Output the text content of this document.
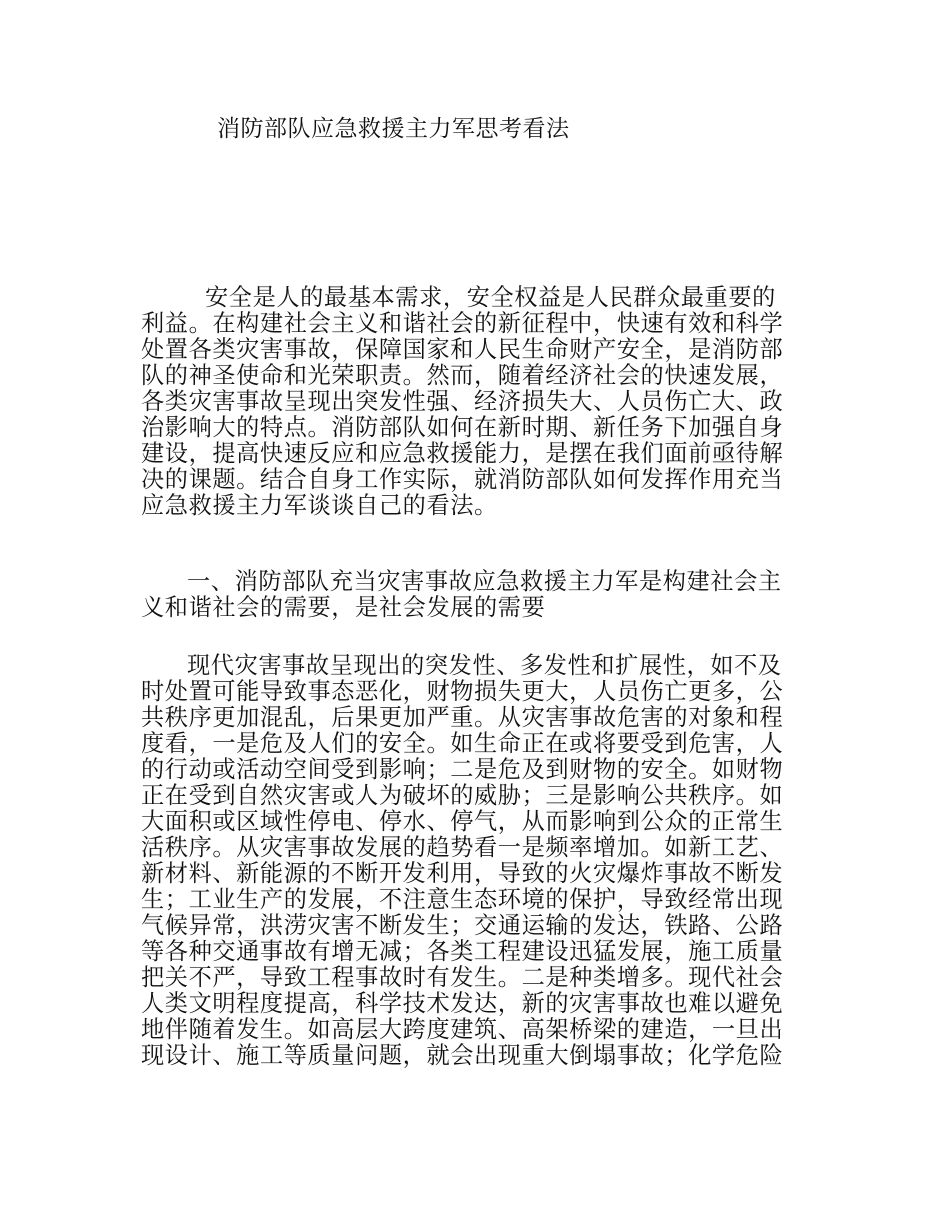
消防部队应急救援主力军思考看法
安全是人的最基本需求，安全权益是人民群众最重要的
利益。在构建社会主义和谐社会的新征程中，快速有效和科学
处置各类灾害事故，保障国家和人民生命财产安全，是消防部
队的神圣使命和光荣职责。然而，随着经济社会的快速发展，
各类灾害事故呈现出突发性强、经济损失大、人员伤亡大、政
治影响大的特点。消防部队如何在新时期、新任务下加强自身
建设，提高快速反应和应急救援能力，是摆在我们面前亟待解
决的课题。结合自身工作实际，就消防部队如何发挥作用充当
应急救援主力军谈谈自己的看法。
一、消防部队充当灾害事故应急救援主力军是构建社会主
义和谐社会的需要，是社会发展的需要
现代灾害事故呈现出的突发性、多发性和扩展性，如不及
时处置可能导致事态恶化，财物损失更大，人员伤亡更多，公
共秩序更加混乱，后果更加严重。从灾害事故危害的对象和程
度看，一是危及人们的安全。如生命正在或将要受到危害，人
的行动或活动空间受到影响；二是危及到财物的安全。如财物
正在受到自然灾害或人为破坏的威胁；三是影响公共秩序。如
大面积或区域性停电、停水、停气，从而影响到公众的正常生
活秩序。从灾害事故发展的趋势看一是频率增加。如新工艺、
新材料、新能源的不断开发利用，导致的火灾爆炸事故不断发
生；工业生产的发展，不注意生态环境的保护，导致经常出现
气候异常，洪涝灾害不断发生；交通运输的发达，铁路、公路
等各种交通事故有增无减；各类工程建设迅猛发展，施工质量
把关不严，导致工程事故时有发生。二是种类增多。现代社会
人类文明程度提高，科学技术发达，新的灾害事故也难以避免
地伴随着发生。如高层大跨度建筑、高架桥梁的建造，一旦出
现设计、施工等质量问题，就会出现重大倒塌事故；化学危险
